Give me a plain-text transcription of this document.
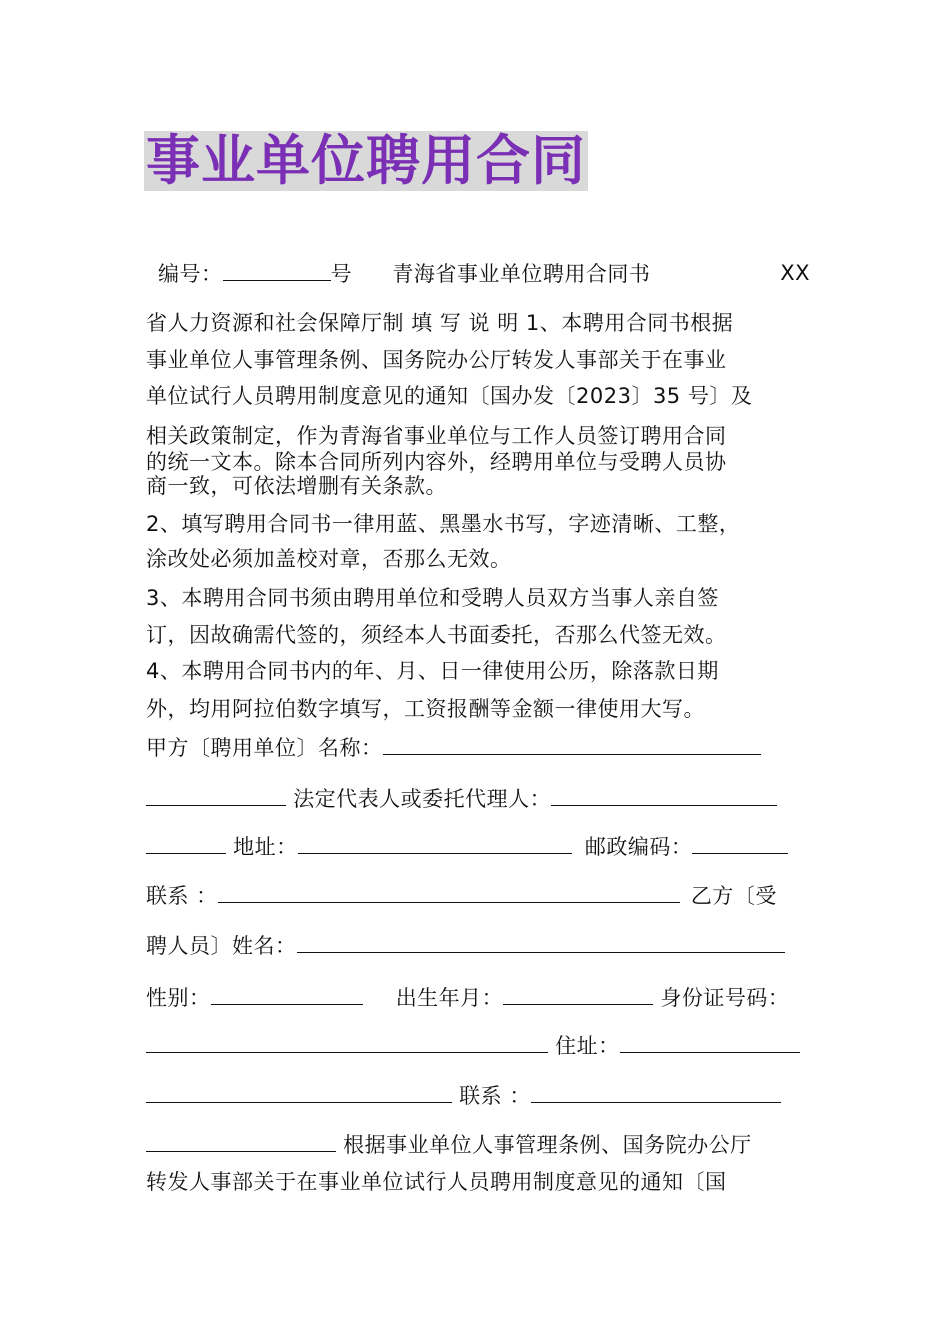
事业单位聘用合同
编号：	号 青海省事业单位聘用合同书	XX
省人力资源和社会保障厅制 填 写 说 明 1、本聘用合同书根据
事业单位人事管理条例、国务院办公厅转发人事部关于在事业
单位试行人员聘用制度意见的通知〔国办发〔2023〕35 号〕及
相关政策制定，作为青海省事业单位与工作人员签订聘用合同
的统一文本。除本合同所列内容外，经聘用单位与受聘人员协
商一致，可依法增删有关条款。
2、填写聘用合同书一律用蓝、黑墨水书写，字迹清晰、工整，
涂改处必须加盖校对章，否那么无效。
3、本聘用合同书须由聘用单位和受聘人员双方当事人亲自签
订，因故确需代签的，须经本人书面委托，否那么代签无效。
4、本聘用合同书内的年、月、日一律使用公历，除落款日期
外，均用阿拉伯数字填写，工资报酬等金额一律使用大写。
甲方〔聘用单位〕名称：
法定代表人或委托代理人：
地址：	邮政编码：
联系 ：	乙方〔受
聘人员〕姓名：
性别：	出生年月：	身份证号码：
住址：
联系 ：
根据事业单位人事管理条例、国务院办公厅
转发人事部关于在事业单位试行人员聘用制度意见的通知〔国
